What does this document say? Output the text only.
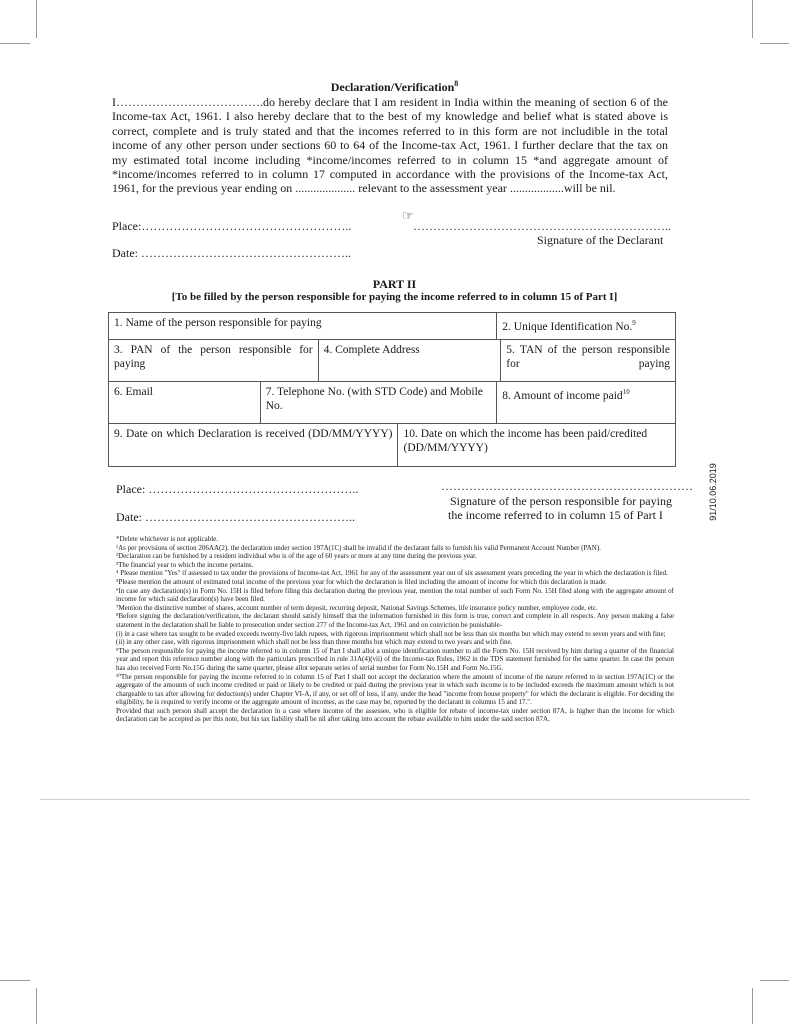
Declaration/Verification$^8$
I……………………………….do hereby declare that I am resident in India within the meaning of section 6 of the Income-tax Act, 1961. I also hereby declare that to the best of my knowledge and belief what is stated above is correct, complete and is truly stated and that the incomes referred to in this form are not includible in the total income of any other person under sections 60 to 64 of the Income-tax Act, 1961. I further declare that the tax on my estimated total income including *income/incomes referred to in column 15 *and aggregate amount of *income/incomes referred to in column 17 computed in accordance with the provisions of the Income-tax Act, 1961, for the previous year ending on .................... relevant to the assessment year ..................will be nil.
Place:……………………………………………..
Date: ……………………………………………..
☞
………………………………………………………..
Signature of the Declarant
PART II
[To be filled by the person responsible for paying the income referred to in column 15 of Part I]
1. Name of the person responsible for paying				2. Unique Identification No.$^9$

3. PAN of the person responsible for paying		4. Complete Address			5. TAN of the person responsible for paying

6. Email	7. Telephone No. (with STD Code) and Mobile No.			8. Amount of income paid$^{10}$

9. Date on which Declaration is received (DD/MM/YYYY)			10. Date on which the income has been paid/credited (DD/MM/YYYY)		
Place: ……………………………………………..
Date: ……………………………………………..
………………………………………………………
Signature of the person responsible for paying
the income referred to in column 15 of Part I	91/10.06.2019

*Delete whichever is not applicable.

¹As per provisions of section 206AA(2), the declaration under section 197A(1C) shall be invalid if the declarant fails to furnish his valid Permanent Account Number (PAN).

²Declaration can be furnished by a resident individual who is of the age of 60 years or more at any time during the previous year.

³The financial year to which the income pertains.

⁴ Please mention "Yes" if assessed to tax under the provisions of Income-tax Act, 1961 for any of the assessment year out of six assessment years preceding the year in which the declaration is filed.

⁵Please mention the amount of estimated total income of the previous year for which the declaration is filed including the amount of income for which this declaration is made.

⁶In case any declaration(s) in Form No. 15H is filed before filing this declaration during the previous year, mention the total number of such Form No. 15H filed along with the aggregate amount of income for which said declaration(s) have been filed.

⁷Mention the distinctive number of shares, account number of term deposit, recurring deposit, National Savings Schemes, life insurance policy number, employee code, etc.

⁸Before signing the declaration/verification, the declarant should satisfy himself that the information furnished in this form is true, correct and complete in all respects. Any person making a false statement in the declaration shall be liable to prosecution under section 277 of the Income-tax Act, 1961 and on conviction be punishable-

(i) in a case where tax sought to be evaded exceeds twenty-five lakh rupees, with rigorous imprisonment which shall not be less than six months but which may extend to seven years and with fine;

(ii) in any other case, with rigorous imprisonment which shall not be less than three months but which may extend to two years and with fine.

⁹The person responsible for paying the income referred to in column 15 of Part I shall allot a unique identification number to all the Form No. 15H received by him during a quarter of the financial year and report this reference number along with the particulars prescribed in rule 31A(4)(vii) of the Income-tax Rules, 1962 in the TDS statement furnished for the same quarter. In case the person has also received Form No.15G during the same quarter, please allot separate series of serial number for Form No.15H and Form No.15G.

¹⁰The person responsible for paying the income referred to in column 15 of Part I shall not accept the declaration where the amount of income of the nature referred to in section 197A(1C) or the aggregate of the amounts of such income credited or paid or likely to be credited or paid during the previous year in which such income is to be included exceeds the maximum amount which is not chargeable to tax after allowing for deduction(s) under Chapter VI-A, if any, or set off of loss, if any, under the head "income from house property" for which the declarant is eligible. For deciding the eligibility, he is required to verify income or the aggregate amount of incomes, as the case may be, reported by the declarant in columns 15 and 17.".

Provided that such person shall accept the declaration in a case where income of the assessee, who is eligible for rebate of income-tax under section 87A, is higher than the income for which declaration can be accepted as per this note, but his tax liability shall be nil after taking into account the rebate available to him under the said section 87A.
